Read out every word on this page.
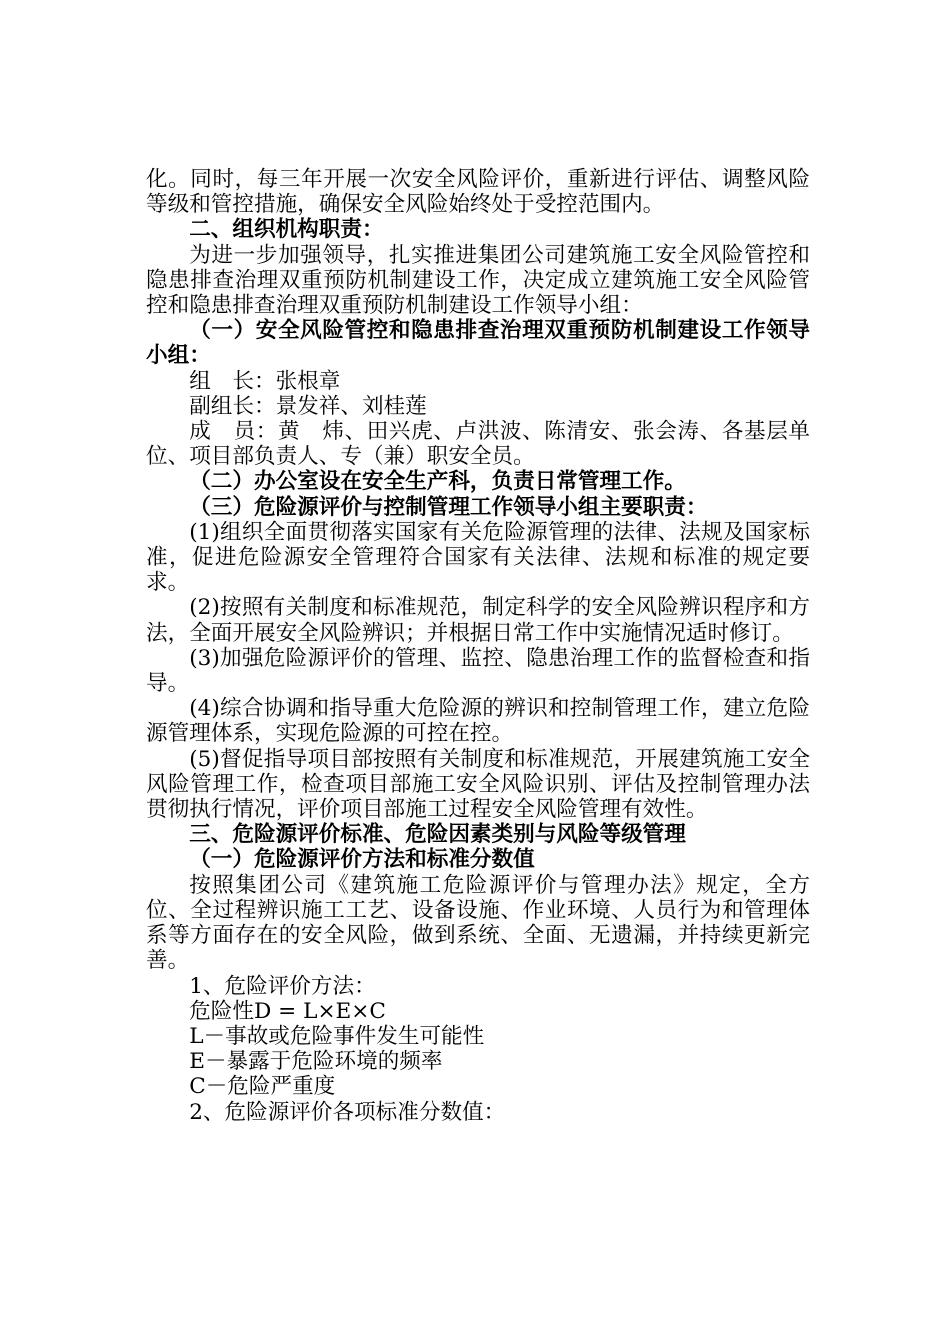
化。同时，每三年开展一次安全风险评价，重新进行评估、调整风险等级和管控措施，确保安全风险始终处于受控范围内。

二、组织机构职责：

为进一步加强领导，扎实推进集团公司建筑施工安全风险管控和隐患排查治理双重预防机制建设工作，决定成立建筑施工安全风险管控和隐患排查治理双重预防机制建设工作领导小组：

（一）安全风险管控和隐患排查治理双重预防机制建设工作领导小组：

组　长：张根章

副组长：景发祥、刘桂莲

成　员：黄　炜、田兴虎、卢洪波、陈清安、张会涛、各基层单位、项目部负责人、专（兼）职安全员。

（二）办公室设在安全生产科，负责日常管理工作。

（三）危险源评价与控制管理工作领导小组主要职责：

(1)组织全面贯彻落实国家有关危险源管理的法律、法规及国家标准，促进危险源安全管理符合国家有关法律、法规和标准的规定要求。

(2)按照有关制度和标准规范，制定科学的安全风险辨识程序和方法，全面开展安全风险辨识；并根据日常工作中实施情况适时修订。

(3)加强危险源评价的管理、监控、隐患治理工作的监督检查和指导。

(4)综合协调和指导重大危险源的辨识和控制管理工作，建立危险源管理体系，实现危险源的可控在控。

(5)督促指导项目部按照有关制度和标准规范，开展建筑施工安全风险管理工作，检查项目部施工安全风险识别、评估及控制管理办法贯彻执行情况，评价项目部施工过程安全风险管理有效性。

三、危险源评价标准、危险因素类别与风险等级管理

（一）危险源评价方法和标准分数值

按照集团公司《建筑施工危险源评价与管理办法》规定，全方位、全过程辨识施工工艺、设备设施、作业环境、人员行为和管理体系等方面存在的安全风险，做到系统、全面、无遗漏，并持续更新完善。

1、危险评价方法：

危险性D = L×E×C

L－事故或危险事件发生可能性

E－暴露于危险环境的频率

C－危险严重度

2、危险源评价各项标准分数值：
